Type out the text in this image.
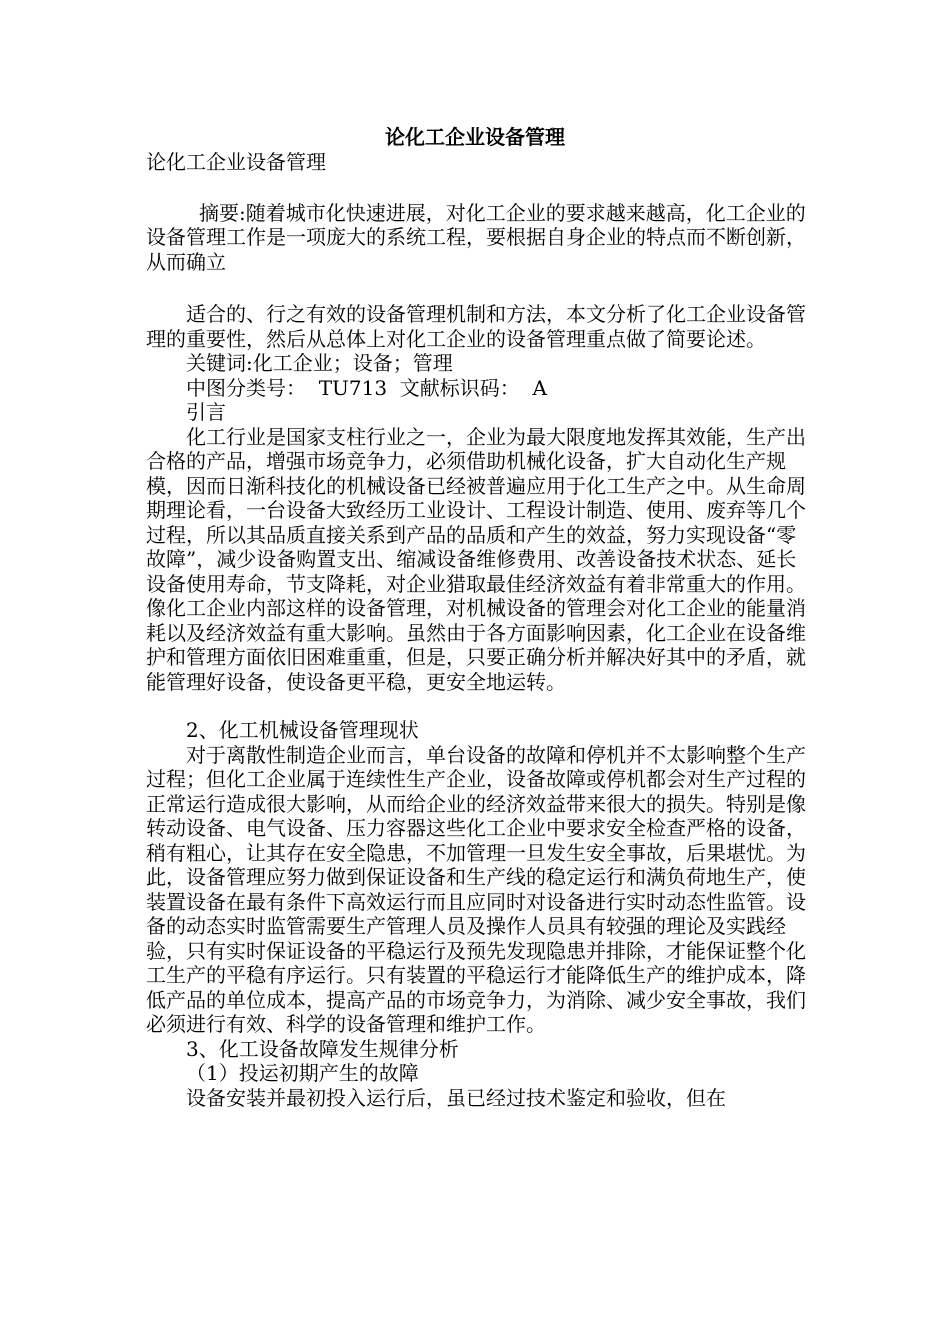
论化工企业设备管理

论化工企业设备管理

摘要:随着城市化快速进展，对化工企业的要求越来越高，化工企业的设备管理工作是一项庞大的系统工程，要根据自身企业的特点而不断创新，从而确立

适合的、行之有效的设备管理机制和方法，本文分析了化工企业设备管理的重要性，然后从总体上对化工企业的设备管理重点做了简要论述。

关键词:化工企业；设备；管理

中图分类号：  TU713  文献标识码：  A

引言

化工行业是国家支柱行业之一，企业为最大限度地发挥其效能，生产出合格的产品，增强市场竞争力，必须借助机械化设备，扩大自动化生产规模，因而日渐科技化的机械设备已经被普遍应用于化工生产之中。从生命周期理论看，一台设备大致经历工业设计、工程设计制造、使用、废弃等几个过程，所以其品质直接关系到产品的品质和产生的效益，努力实现设备“零故障”，减少设备购置支出、缩减设备维修费用、改善设备技术状态、延长设备使用寿命，节支降耗，对企业猎取最佳经济效益有着非常重大的作用。像化工企业内部这样的设备管理，对机械设备的管理会对化工企业的能量消耗以及经济效益有重大影响。虽然由于各方面影响因素，化工企业在设备维护和管理方面依旧困难重重，但是，只要正确分析并解决好其中的矛盾，就能管理好设备，使设备更平稳，更安全地运转。

2、化工机械设备管理现状

对于离散性制造企业而言，单台设备的故障和停机并不太影响整个生产过程；但化工企业属于连续性生产企业，设备故障或停机都会对生产过程的正常运行造成很大影响，从而给企业的经济效益带来很大的损失。特别是像转动设备、电气设备、压力容器这些化工企业中要求安全检查严格的设备，稍有粗心，让其存在安全隐患，不加管理一旦发生安全事故，后果堪忧。为此，设备管理应努力做到保证设备和生产线的稳定运行和满负荷地生产，使装置设备在最有条件下高效运行而且应同时对设备进行实时动态性监管。设备的动态实时监管需要生产管理人员及操作人员具有较强的理论及实践经验，只有实时保证设备的平稳运行及预先发现隐患并排除，才能保证整个化工生产的平稳有序运行。只有装置的平稳运行才能降低生产的维护成本，降低产品的单位成本，提高产品的市场竞争力，为消除、减少安全事故，我们必须进行有效、科学的设备管理和维护工作。

3、化工设备故障发生规律分析

（1）投运初期产生的故障

设备安装并最初投入运行后，虽已经过技术鉴定和验收，但在
